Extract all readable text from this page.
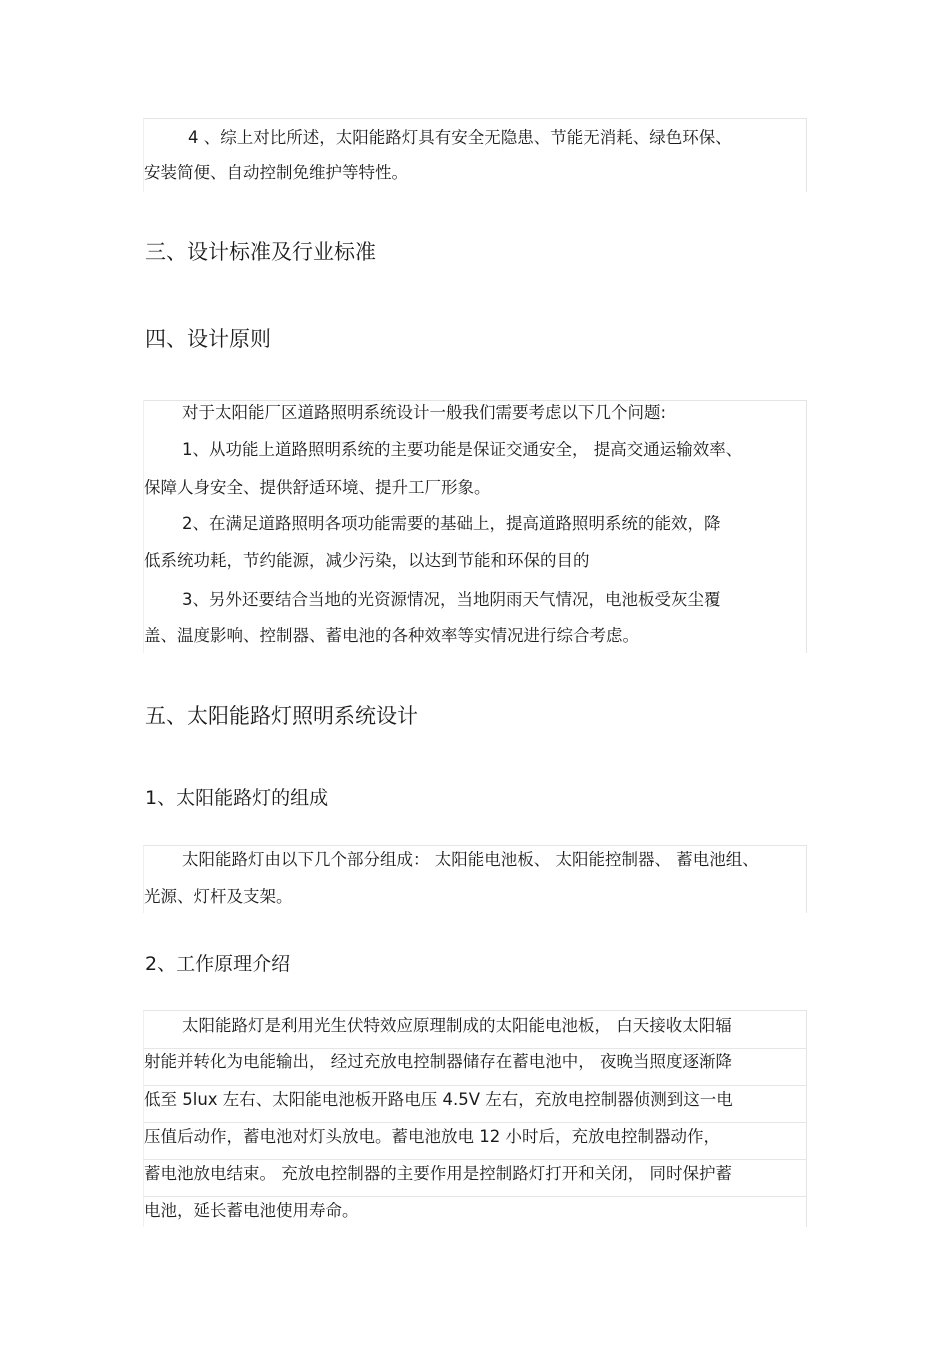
4 、综上对比所述，太阳能路灯具有安全无隐患、节能无消耗、绿色环保、
安装简便、自动控制免维护等特性。
三、设计标准及行业标准
四、设计原则
对于太阳能厂区道路照明系统设计一般我们需要考虑以下几个问题:
1、从功能上道路照明系统的主要功能是保证交通安全， 提高交通运输效率、
保障人身安全、提供舒适环境、提升工厂形象。
2、在满足道路照明各项功能需要的基础上，提高道路照明系统的能效，降
低系统功耗，节约能源，减少污染，以达到节能和环保的目的
3、另外还要结合当地的光资源情况，当地阴雨天气情况，电池板受灰尘覆
盖、温度影响、控制器、蓄电池的各种效率等实情况进行综合考虑。
五、太阳能路灯照明系统设计
1、太阳能路灯的组成
太阳能路灯由以下几个部分组成： 太阳能电池板、 太阳能控制器、 蓄电池组、
光源、灯杆及支架。
2、工作原理介绍
太阳能路灯是利用光生伏特效应原理制成的太阳能电池板， 白天接收太阳辐
射能并转化为电能输出， 经过充放电控制器储存在蓄电池中， 夜晚当照度逐渐降
低至 5lux 左右、太阳能电池板开路电压 4.5V 左右，充放电控制器侦测到这一电
压值后动作，蓄电池对灯头放电。蓄电池放电 12 小时后，充放电控制器动作，
蓄电池放电结束。 充放电控制器的主要作用是控制路灯打开和关闭， 同时保护蓄
电池，延长蓄电池使用寿命。
